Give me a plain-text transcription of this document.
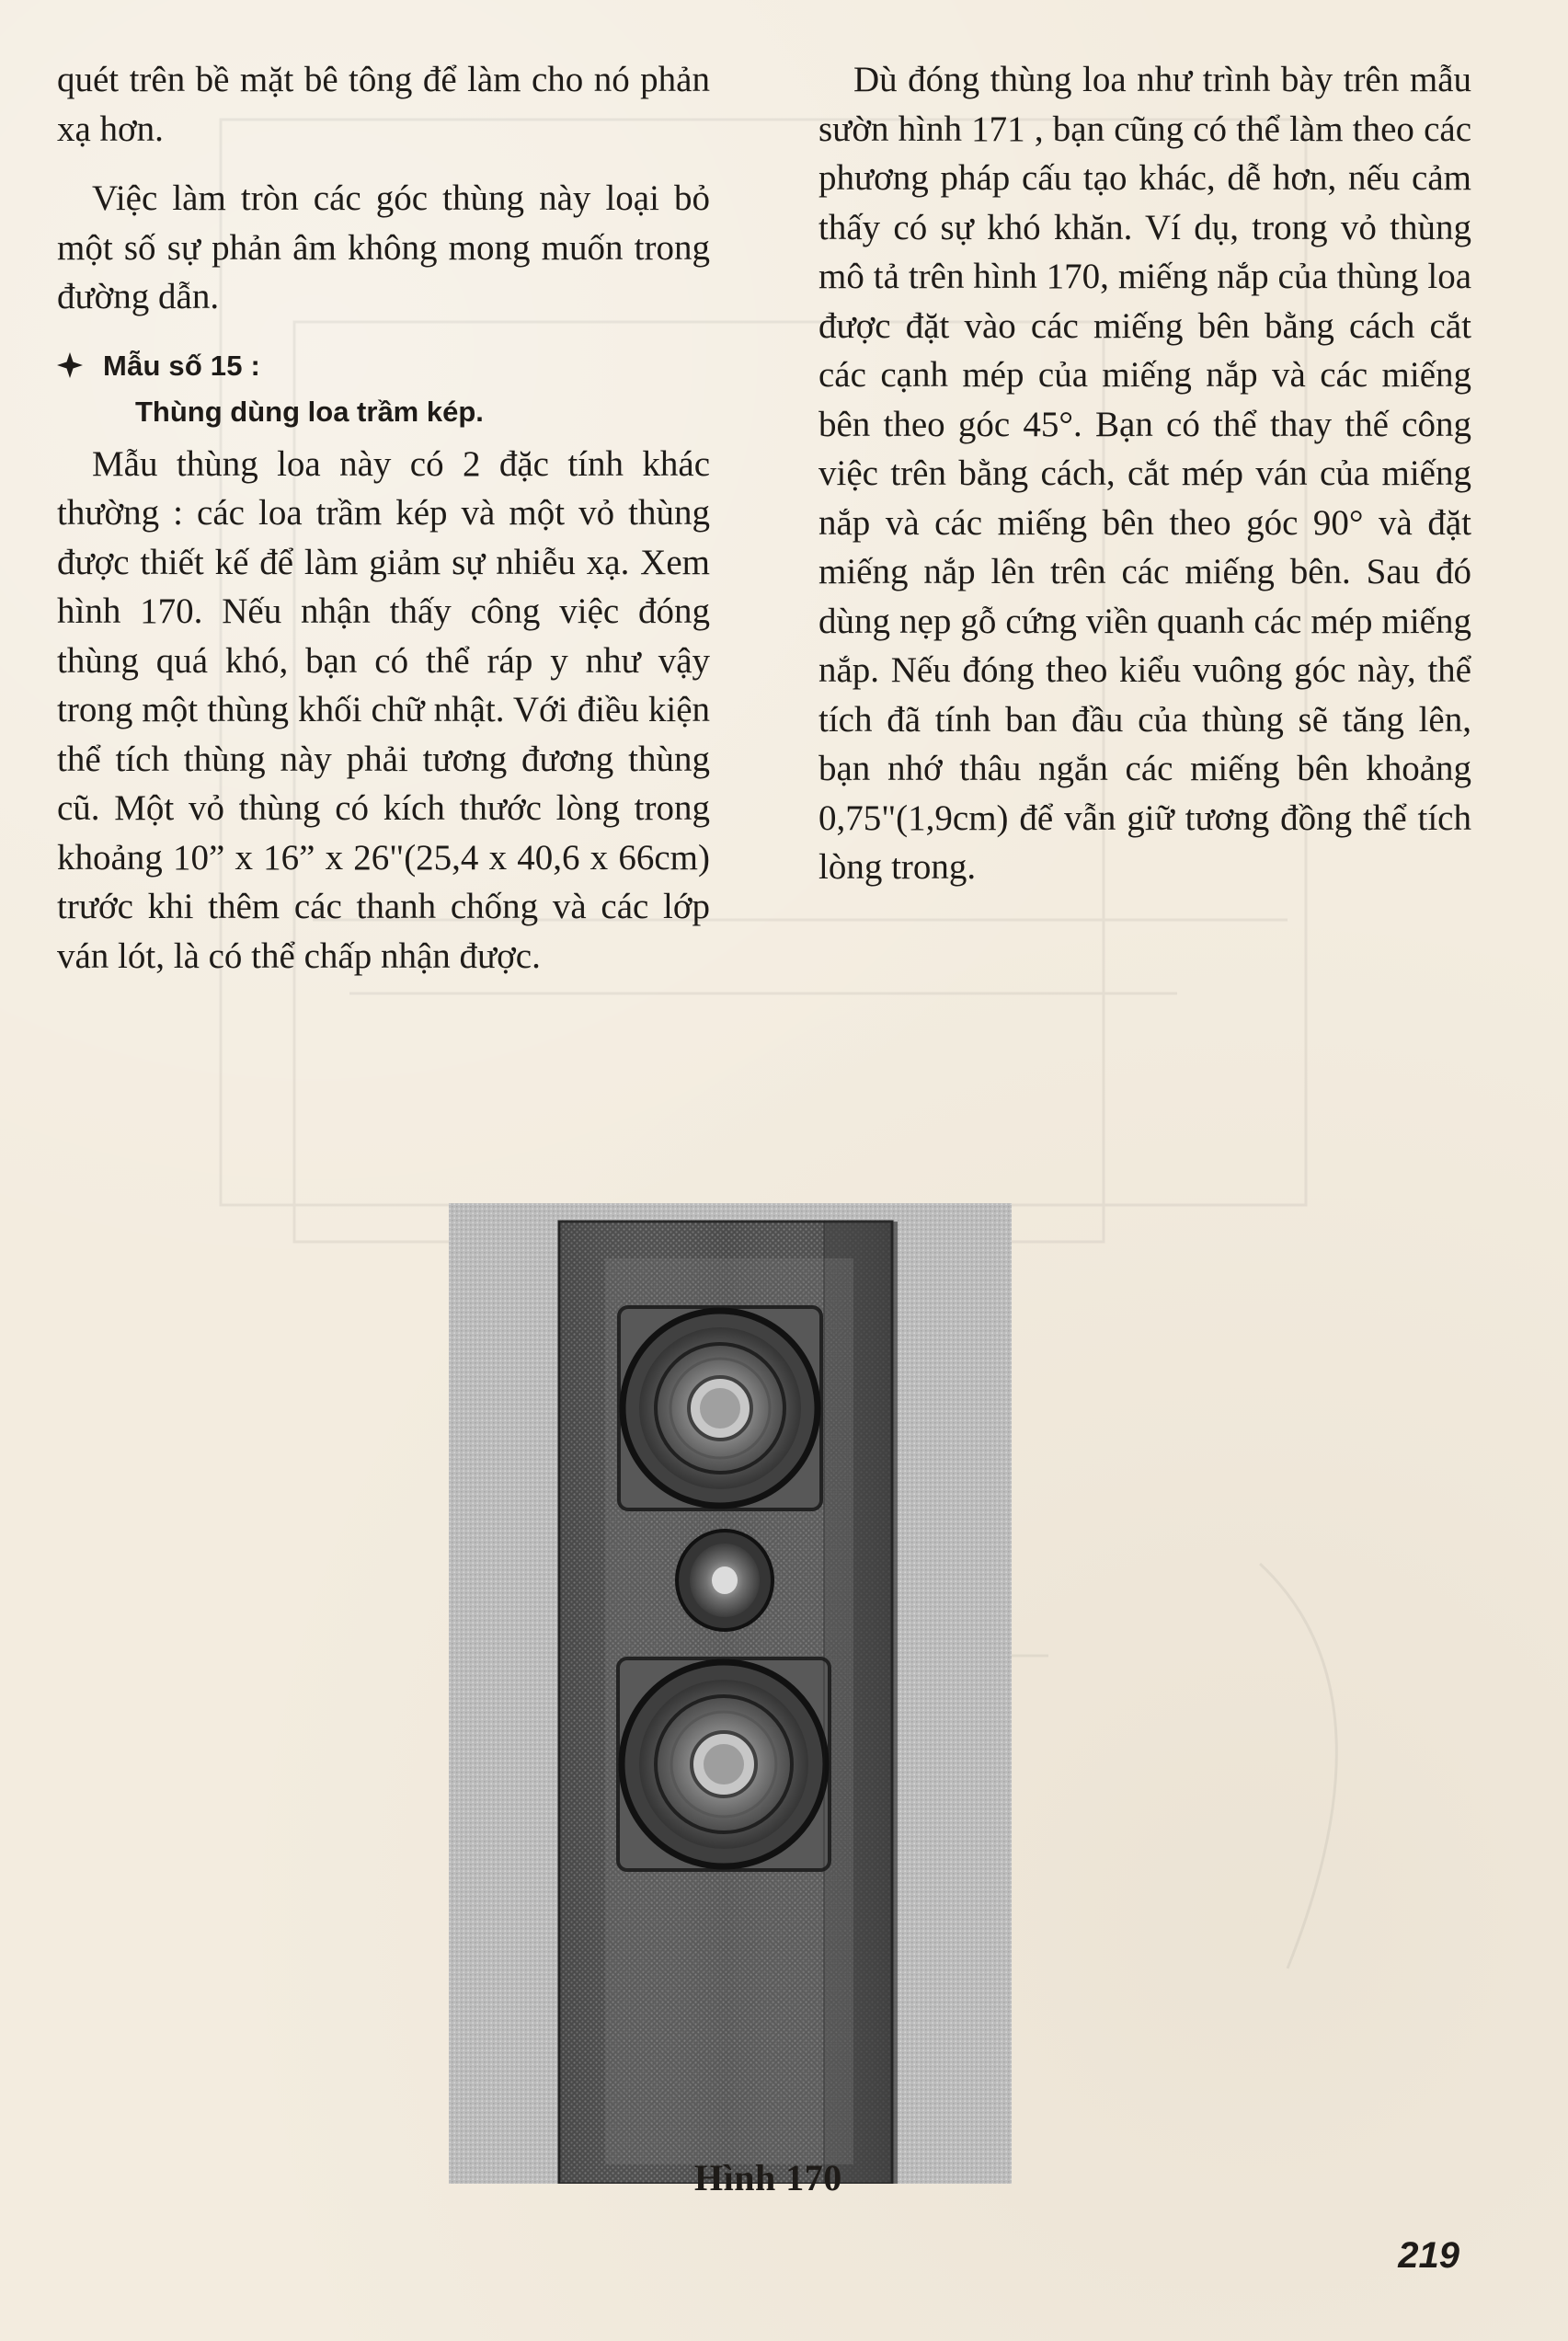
quét trên bề mặt bê tông để làm cho nó phản xạ hơn.

Việc làm tròn các góc thùng này loại bỏ một số sự phản âm không mong muốn trong đường dẫn.

Mẫu số 15 :
Thùng dùng loa trầm kép.

Mẫu thùng loa này có 2 đặc tính khác thường : các loa trầm kép và một vỏ thùng được thiết kế để làm giảm sự nhiễu xạ. Xem hình 170. Nếu nhận thấy công việc đóng thùng quá khó, bạn có thể ráp y như vậy trong một thùng khối chữ nhật. Với điều kiện thể tích thùng này phải tương đương thùng cũ. Một vỏ thùng có kích thước lòng trong khoảng 10” x 16” x 26"(25,4 x 40,6 x 66cm) trước khi thêm các thanh chống và các lớp ván lót, là có thể chấp nhận được.

Dù đóng thùng loa như trình bày trên mẫu sườn hình 171 , bạn cũng có thể làm theo các phương pháp cấu tạo khác, dễ hơn, nếu cảm thấy có sự khó khăn. Ví dụ, trong vỏ thùng mô tả trên hình 170, miếng nắp của thùng loa được đặt vào các miếng bên bằng cách cắt các cạnh mép của miếng nắp và các miếng bên theo góc 45°. Bạn có thể thay thế công việc trên bằng cách, cắt mép ván của miếng nắp và các miếng bên theo góc 90° và đặt miếng nắp lên trên các miếng bên. Sau đó dùng nẹp gỗ cứng viền quanh các mép miếng nắp. Nếu đóng theo kiểu vuông góc này, thể tích đã tính ban đầu của thùng sẽ tăng lên, bạn nhớ thâu ngắn các miếng bên khoảng 0,75"(1,9cm) để vẫn giữ tương đồng thể tích lòng trong.

Hình 170
219
